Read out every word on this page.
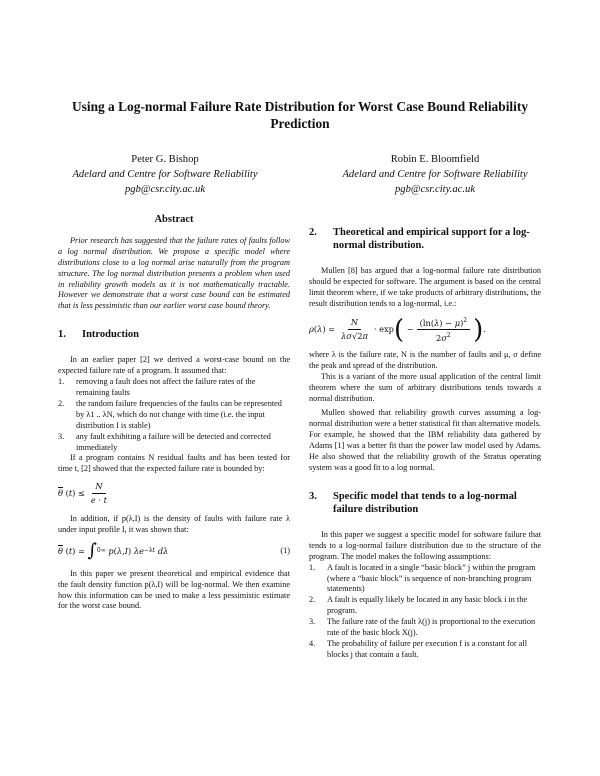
Using a Log-normal Failure Rate Distribution for Worst Case Bound Reliability Prediction
Peter G. Bishop
Adelard and Centre for Software Reliability
pgb@csr.city.ac.uk
Robin E. Bloomfield
Adelard and Centre for Software Reliability
pgb@csr.city.ac.uk
Abstract

Prior research has suggested that the failure rates of faults follow a log normal distribution. We propose a specific model where distributions close to a log normal arise naturally from the program structure. The log normal distribution presents a problem when used in reliability growth models as it is not mathematically tractable. However we demonstrate that a worst case bound can be estimated that is less pessimistic than our earlier worst case bound theory.

1.	Introduction

In an earlier paper [2] we derived a worst-case bound on the expected failure rate of a program. It assumed that:

1.	removing a fault does not affect the failure rates of the remaining faults
2.	the random failure frequencies of the faults can be represented by λ1 .. λN, which do not change with time (i.e. the input distribution I is stable)
3.	any fault exhibiting a failure will be detected and corrected immediately

If a program contains N residual faults and has been tested for time t, [2] showed that the expected failure rate is bounded by:

$\overline{\theta}$ ( t ) ≤ $\frac{N}{e \cdot t}$

In addition, if p(λ,I) is the density of faults with failure rate λ under input profile I, it was shown that:

$\overline{\theta}$ ( t ) = ∫ 0 ∞
p ( λ , I ) λe −λt
dλ	(1)

In this paper we present theoretical and empirical evidence that the fault density function p(λ,I) will be log-normal. We then examine how this information can be used to make a less pessimistic estimate for the worst case bound.

2.	Theoretical and empirical support for a log-normal distribution.

Mullen [8] has argued that a log-normal failure rate distribution should be expected for software. The argument is based on the central limit theorem where, if we take products of arbitrary distributions, the result distribution tends to a log-normal, i.e.:

ρ ( λ ) = $\frac{N}{\lambda\sigma√2\pi} \cdot \exp$ ( − $\frac{(\ln(\lambda) - \mu)^2}{2\sigma^2}$ ) .

where λ is the failure rate, N is the number of faults and μ, σ define the peak and spread of the distribution.

This is a variant of the more usual application of the central limit theorem where the sum of arbitrary distributions tends towards a normal distribution.

Mullen showed that reliability growth curves assuming a log-normal distribution were a better statistical fit than alternative models. For example, he showed that the IBM reliability data gathered by Adams [1] was a better fit than the power law model used by Adams. He also showed that the reliability growth of the Stratus operating system was a good fit to a log normal.

3.	Specific model that tends to a log-normal failure distribution

In this paper we suggest a specific model for software failure that tends to a log-normal failure distribution due to the structure of the program. The model makes the following assumptions:

1.	A fault is located in a single “basic block” j within the program (where a “basic block” is sequence of non-branching program statements)
2.	A fault is equally likely be located in any basic block i in the program.
3.	The failure rate of the fault λ(j) is proportional to the execution rate of the basic block X(j).
4.	The probability of failure per execution f is a constant for all blocks j that contain a fault.
